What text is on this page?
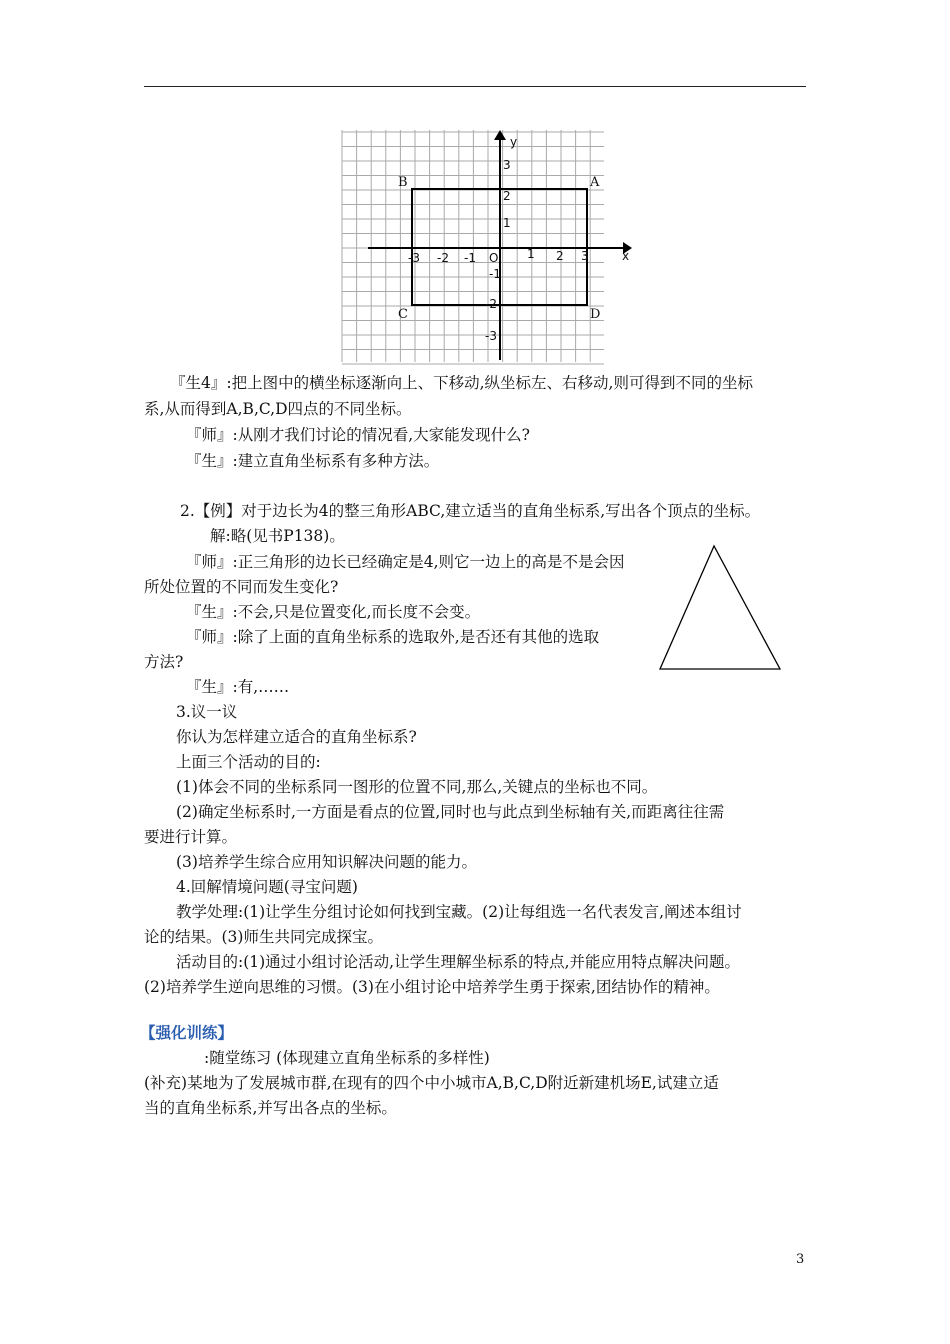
x
y
O
-3 -2 -1	1 2 3
3
2
1
-1
-2
-3
A
B
C	D
『生4』:把上图中的横坐标逐渐向上、下移动,纵坐标左、右移动,则可得到不同的坐标
系,从而得到A,B,C,D四点的不同坐标。
『师』:从刚才我们讨论的情况看,大家能发现什么?
『生』:建立直角坐标系有多种方法。
2.【例】对于边长为4的整三角形ABC,建立适当的直角坐标系,写出各个顶点的坐标。
解:略(见书P138)。
『师』:正三角形的边长已经确定是4,则它一边上的高是不是会因
所处位置的不同而发生变化?
『生』:不会,只是位置变化,而长度不会变。
『师』:除了上面的直角坐标系的选取外,是否还有其他的选取
方法?
『生』:有,……
3.议一议
你认为怎样建立适合的直角坐标系?
上面三个活动的目的:
(1)体会不同的坐标系同一图形的位置不同,那么,关键点的坐标也不同。
(2)确定坐标系时,一方面是看点的位置,同时也与此点到坐标轴有关,而距离往往需
要进行计算。
(3)培养学生综合应用知识解决问题的能力。
4.回解情境问题(寻宝问题)
教学处理:(1)让学生分组讨论如何找到宝藏。(2)让每组选一名代表发言,阐述本组讨
论的结果。(3)师生共同完成探宝。
活动目的:(1)通过小组讨论活动,让学生理解坐标系的特点,并能应用特点解决问题。
(2)培养学生逆向思维的习惯。(3)在小组讨论中培养学生勇于探索,团结协作的精神。
【强化训练】
:随堂练习 (体现建立直角坐标系的多样性)
(补充)某地为了发展城市群,在现有的四个中小城市A,B,C,D附近新建机场E,试建立适
当的直角坐标系,并写出各点的坐标。
3
